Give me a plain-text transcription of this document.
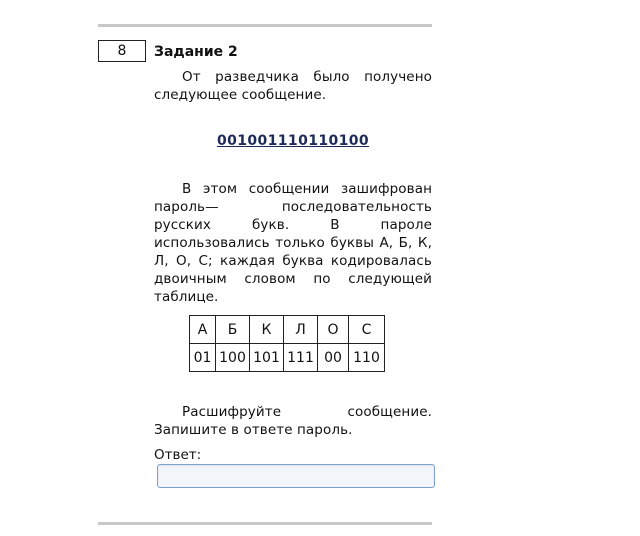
8	Задание 2
От разведчика было получено следующее сообщение.
001001110110100
В этом сообщении зашифрован пароль— последовательность русских букв. В пароле использовались только буквы А, Б, К, Л, О, С; каждая буква кодировалась двоичным словом по следующей таблице.
А	Б	К	Л	О	С
01	100	101	111	00	110
Расшифруйте сообщение. Запишите в ответе пароль.
Ответ:
